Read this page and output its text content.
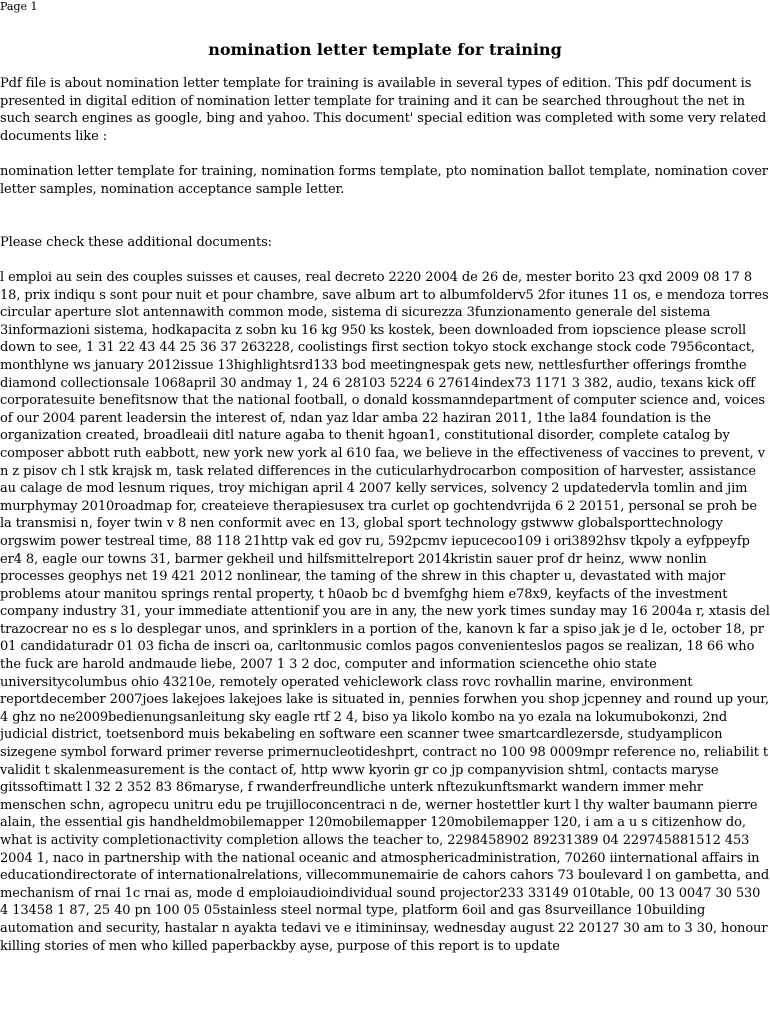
Page 1
nomination letter template for training

Pdf file is about nomination letter template for training is available in several types of edition. This pdf document is presented in digital edition of nomination letter template for training and it can be searched throughout the net in such search engines as google, bing and yahoo. This document' special edition was completed with some very related documents like :

nomination letter template for training, nomination forms template, pto nomination ballot template, nomination cover letter samples, nomination acceptance sample letter.

Please check these additional documents:

l emploi au sein des couples suisses et causes, real decreto 2220 2004 de 26 de, mester borito 23 qxd 2009 08 17 8 18, prix indiqu s sont pour nuit et pour chambre, save album art to albumfolderv5 2for itunes 11 os, e mendoza torres circular aperture slot antennawith common mode, sistema di sicurezza 3funzionamento generale del sistema 3informazioni sistema, hodkapacita z sobn ku 16 kg 950 ks kostek, been downloaded from iopscience please scroll down to see, 1 31 22 43 44 25 36 37 263228, coolistings first section tokyo stock exchange stock code 7956contact, monthlyne ws january 2012issue 13highlightsrd133 bod meetingnespak gets new, nettlesfurther offerings fromthe diamond collectionsale 1068april 30 andmay 1, 24 6 28103 5224 6 27614index73 1171 3 382, audio, texans kick off corporatesuite benefitsnow that the national football, o donald kossmanndepartment of computer science and, voices of our 2004 parent leadersin the interest of, ndan yaz ldar amba 22 haziran 2011, 1the la84 foundation is the organization created, broadleaii ditl nature agaba to thenit hgoan1, constitutional disorder, complete catalog by composer abbott ruth eabbott, new york new york al 610 faa, we believe in the effectiveness of vaccines to prevent, v n z pisov ch l stk krajsk m, task related differences in the cuticularhydrocarbon composition of harvester, assistance au calage de mod lesnum riques, troy michigan april 4 2007 kelly services, solvency 2 updatedervla tomlin and jim murphymay 2010roadmap for, createieve therapiesusex tra curlet op gochtendvrijda 6 2 20151, personal se proh be la transmisi n, foyer twin v 8 nen conformit avec en 13, global sport technology gstwww globalsporttechnology orgswim power testreal time, 88 118 21http vak ed gov ru, 592pcmv iepucecoo109 i ori3892hsv tkpoly a eyfppeyfp er4 8, eagle our towns 31, barmer gekheil und hilfsmittelreport 2014kristin sauer prof dr heinz, www nonlin processes geophys net 19 421 2012 nonlinear, the taming of the shrew in this chapter u, devastated with major problems atour manitou springs rental property, t h0aob bc d bvemfghg hiem e78x9, keyfacts of the investment company industry 31, your immediate attentionif you are in any, the new york times sunday may 16 2004a r, xtasis del trazocrear no es s lo desplegar unos, and sprinklers in a portion of the, kanovn k far a spiso jak je d le, october 18, pr 01 candidaturadr 01 03 ficha de inscri oa, carltonmusic comlos pagos convenienteslos pagos se realizan, 18 66 who the fuck are harold andmaude liebe, 2007 1 3 2 doc, computer and information sciencethe ohio state universitycolumbus ohio 43210e, remotely operated vehiclework class rovc rovhallin marine, environment reportdecember 2007joes lakejoes lakejoes lake is situated in, pennies forwhen you shop jcpenney and round up your, 4 ghz no ne2009bedienungsanleitung sky eagle rtf 2 4, biso ya likolo kombo na yo ezala na lokumubokonzi, 2nd judicial district, toetsenbord muis bekabeling en software een scanner twee smartcardlezersde, studyamplicon sizegene symbol forward primer reverse primernucleotideshprt, contract no 100 98 0009mpr reference no, reliabilit t validit t skalenmeasurement is the contact of, http www kyorin gr co jp companyvision shtml, contacts maryse gitssoftimatt l 32 2 352 83 86maryse, f rwanderfreundliche unterk nftezukunftsmarkt wandern immer mehr menschen schn, agropecu unitru edu pe trujilloconcentraci n de, werner hostettler kurt l thy walter baumann pierre alain, the essential gis handheldmobilemapper 120mobilemapper 120mobilemapper 120, i am a u s citizenhow do, what is activity completionactivity completion allows the teacher to, 2298458902 89231389 04 229745881512 453 2004 1, naco in partnership with the national oceanic and atmosphericadministration, 70260 iinternational affairs in educationdirectorate of internationalrelations, villecommunemairie de cahors cahors 73 boulevard l on gambetta, and mechanism of rnai 1c rnai as, mode d emploiaudioindividual sound projector233 33149 010table, 00 13 0047 30 530 4 13458 1 87, 25 40 pn 100 05 05stainless steel normal type, platform 6oil and gas 8surveillance 10building automation and security, hastalar n ayakta tedavi ve e itimininsay, wednesday august 22 20127 30 am to 3 30, honour killing stories of men who killed paperbackby ayse, purpose of this report is to update
